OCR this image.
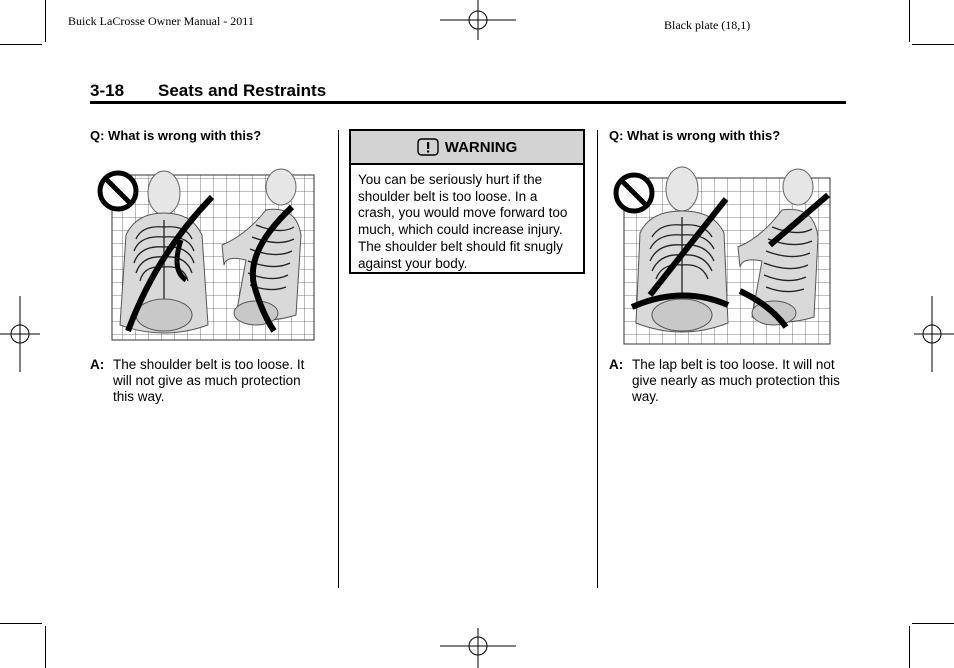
Buick LaCrosse Owner Manual - 2011	Black plate (18,1)
3-18 Seats and Restraints
Q: What is wrong with this?
A: The shoulder belt is too loose. It will not give as much protection this way.
WARNING
You can be seriously hurt if the shoulder belt is too loose. In a crash, you would move forward too much, which could increase injury. The shoulder belt should fit snugly against your body.
Q: What is wrong with this?
A: The lap belt is too loose. It will not give nearly as much protection this way.
